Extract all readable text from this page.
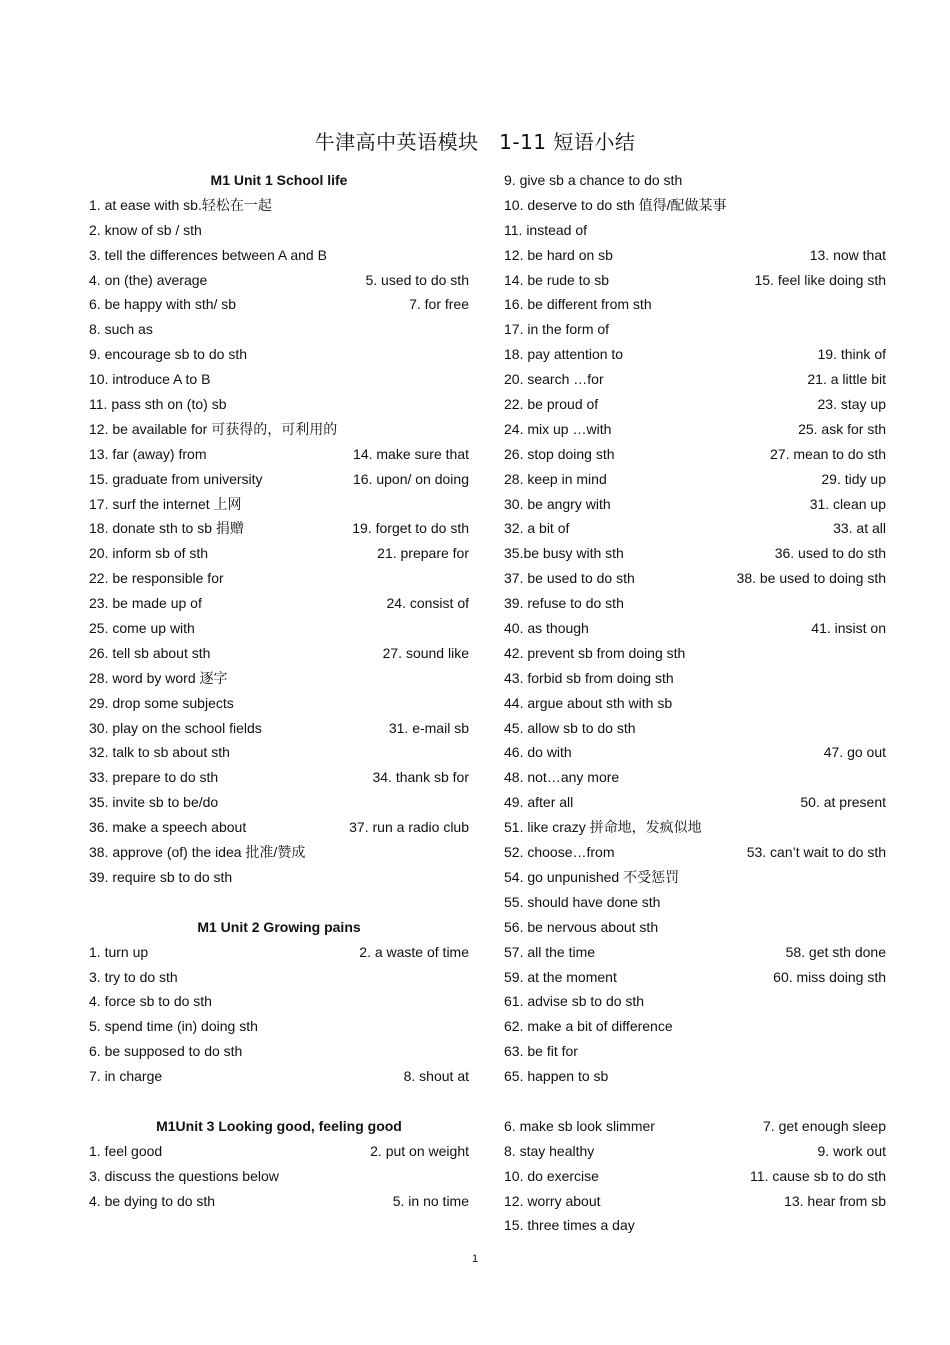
牛津高中英语模块　1-11 短语小结
M1 Unit 1 School life
1. at ease with sb.轻松在一起
2. know of sb / sth
3. tell the differences between A and B
4. on (the) average	5. used to do sth
6. be happy with sth/ sb	7. for free
8. such as
9. encourage sb to do sth
10. introduce A to B
11. pass sth on (to) sb
12. be available for 可获得的，可利用的
13. far (away) from	14. make sure that
15. graduate from university	16. upon/ on doing
17. surf the internet 上网
18. donate sth to sb 捐赠	19. forget to do sth
20. inform sb of sth	21. prepare for
22. be responsible for
23. be made up of	24. consist of
25. come up with
26. tell sb about sth	27. sound like
28. word by word 逐字
29. drop some subjects
30. play on the school fields	31. e-mail sb
32. talk to sb about sth
33. prepare to do sth	34. thank sb for
35. invite sb to be/do
36. make a speech about	37. run a radio club
38. approve (of) the idea 批准/赞成
39. require sb to do sth
M1 Unit 2 Growing pains
1. turn up	2. a waste of time
3. try to do sth
4. force sb to do sth
5. spend time (in) doing sth
6. be supposed to do sth
7. in charge	8. shout at
M1Unit 3 Looking good, feeling good
1. feel good	2. put on weight
3. discuss the questions below
4. be dying to do sth	5. in no time
9. give sb a chance to do sth
10. deserve to do sth 值得/配做某事
11. instead of
12. be hard on sb	13. now that
14. be rude to sb	15. feel like doing sth
16. be different from sth
17. in the form of
18. pay attention to	19. think of
20. search …for	21. a little bit
22. be proud of	23. stay up
24. mix up …with	25. ask for sth
26. stop doing sth	27. mean to do sth
28. keep in mind	29. tidy up
30. be angry with	31. clean up
32. a bit of	33. at all
35.be busy with sth	36. used to do sth
37. be used to do sth	38. be used to doing sth
39. refuse to do sth
40. as though	41. insist on
42. prevent sb from doing sth
43. forbid sb from doing sth
44. argue about sth with sb
45. allow sb to do sth
46. do with	47. go out
48. not…any more
49. after all	50. at present
51. like crazy 拼命地，发疯似地
52. choose…from	53. can’t wait to do sth
54. go unpunished 不受惩罚
55. should have done sth
56. be nervous about sth
57. all the time	58. get sth done
59. at the moment	60. miss doing sth
61. advise sb to do sth
62. make a bit of difference
63. be fit for
65. happen to sb
6. make sb look slimmer	7. get enough sleep
8. stay healthy	9. work out
10. do exercise	11. cause sb to do sth
12. worry about	13. hear from sb
15. three times a day
1
